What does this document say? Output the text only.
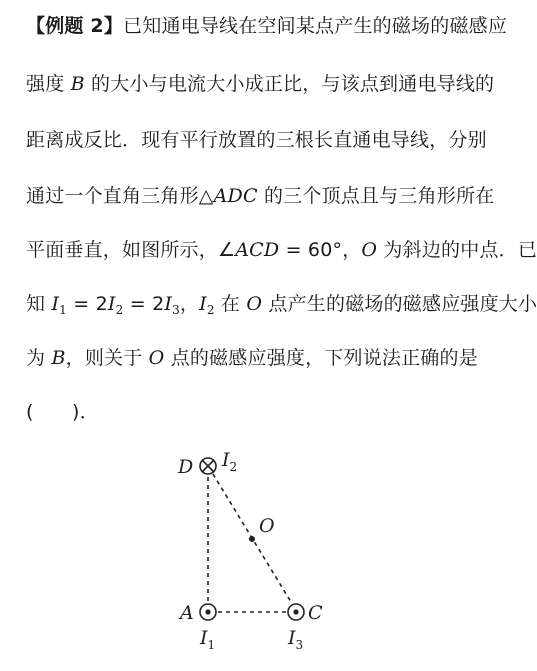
【例题 2】已知通电导线在空间某点产生的磁场的磁感应
强度 B 的大小与电流大小成正比，与该点到通电导线的
距离成反比．现有平行放置的三根长直通电导线，分别
通过一个直角三角形△ADC 的三个顶点且与三角形所在
平面垂直，如图所示，∠ACD = 60°，O 为斜边的中点．已
知 $I_1 = 2I_2 = 2I_3$，$I_2$ 在 O 点产生的磁场的磁感应强度大小
为 B，则关于 O 点的磁感应强度，下列说法正确的是
(　　)．
D $I_2$
O
A	C
$I_1$	$I_3$
